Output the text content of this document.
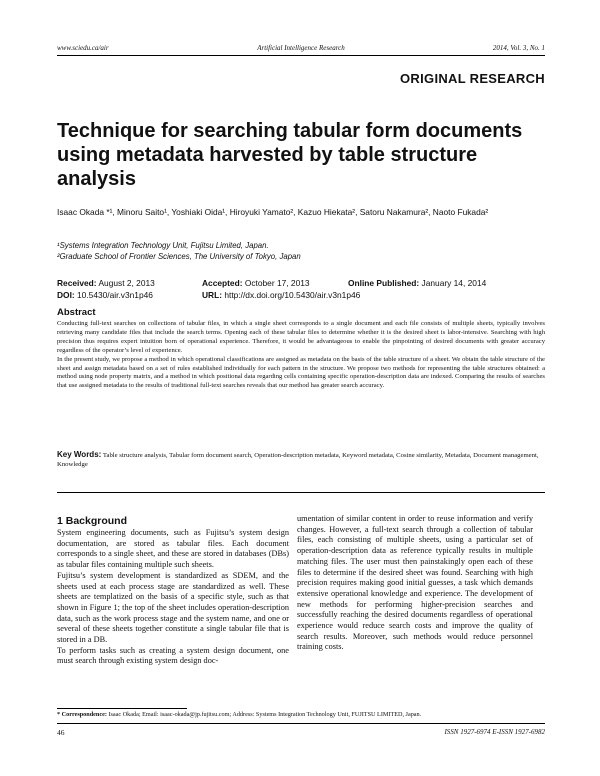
www.sciedu.ca/air	Artificial Intelligence Research	2014, Vol. 3, No. 1
ORIGINAL RESEARCH
Technique for searching tabular form documents using metadata harvested by table structure analysis
Isaac Okada *¹, Minoru Saito¹, Yoshiaki Oida¹, Hiroyuki Yamato², Kazuo Hiekata², Satoru Nakamura², Naoto Fukada²
¹Systems Integration Technology Unit, Fujitsu Limited, Japan.
²Graduate School of Frontier Sciences, The University of Tokyo, Japan
Received: August 2, 2013	Accepted: October 17, 2013	Online Published: January 14, 2014
DOI: 10.5430/air.v3n1p46	URL: http://dx.doi.org/10.5430/air.v3n1p46
Abstract

Conducting full-text searches on collections of tabular files, in which a single sheet corresponds to a single document and each file consists of multiple sheets, typically involves retrieving many candidate files that include the search terms. Opening each of these tabular files to determine whether it is the desired sheet is labor-intensive. Searching with high precision thus requires expert intuition born of operational experience. Therefore, it would be advantageous to enable the pinpointing of desired documents with greater accuracy regardless of the operator’s level of experience.

In the present study, we propose a method in which operational classifications are assigned as metadata on the basis of the table structure of a sheet. We obtain the table structure of the sheet and assign metadata based on a set of rules established individually for each pattern in the structure. We propose two methods for representing the table structures obtained: a method using node property matrix, and a method in which positional data regarding cells containing specific operation-description data are indexed. Comparing the results of searches that use assigned metadata to the results of traditional full-text searches reveals that our method has greater search accuracy.

Key Words: Table structure analysis, Tabular form document search, Operation-description metadata, Keyword metadata, Cosine similarity, Metadata, Document management, Knowledge
1 Background

System engineering documents, such as Fujitsu’s system design documentation, are stored as tabular files. Each document corresponds to a single sheet, and these are stored in databases (DBs) as tabular files containing multiple such sheets.

Fujitsu’s system development is standardized as SDEM, and the sheets used at each process stage are standardized as well. These sheets are templatized on the basis of a specific style, such as that shown in Figure 1; the top of the sheet includes operation-description data, such as the work process stage and the system name, and one or several of these sheets together constitute a single tabular file that is stored in a DB.

To perform tasks such as creating a system design document, one must search through existing system design doc-

umentation of similar content in order to reuse information and verify changes. However, a full-text search through a collection of tabular files, each consisting of multiple sheets, using a particular set of operation-description data as reference typically results in multiple matching files. The user must then painstakingly open each of these files to determine if the desired sheet was found. Searching with high precision requires making good initial guesses, a task which demands extensive operational knowledge and experience. The development of new methods for performing higher-precision searches and successfully reaching the desired documents regardless of operational experience would reduce search costs and improve the quality of search results. Moreover, such methods would reduce personnel training costs.

* Correspondence: Isaac Okada; Email: isaac-okada@jp.fujitsu.com; Address: Systems Integration Technology Unit, FUJITSU LIMITED, Japan.
46	ISSN 1927-6974 E-ISSN 1927-6982
